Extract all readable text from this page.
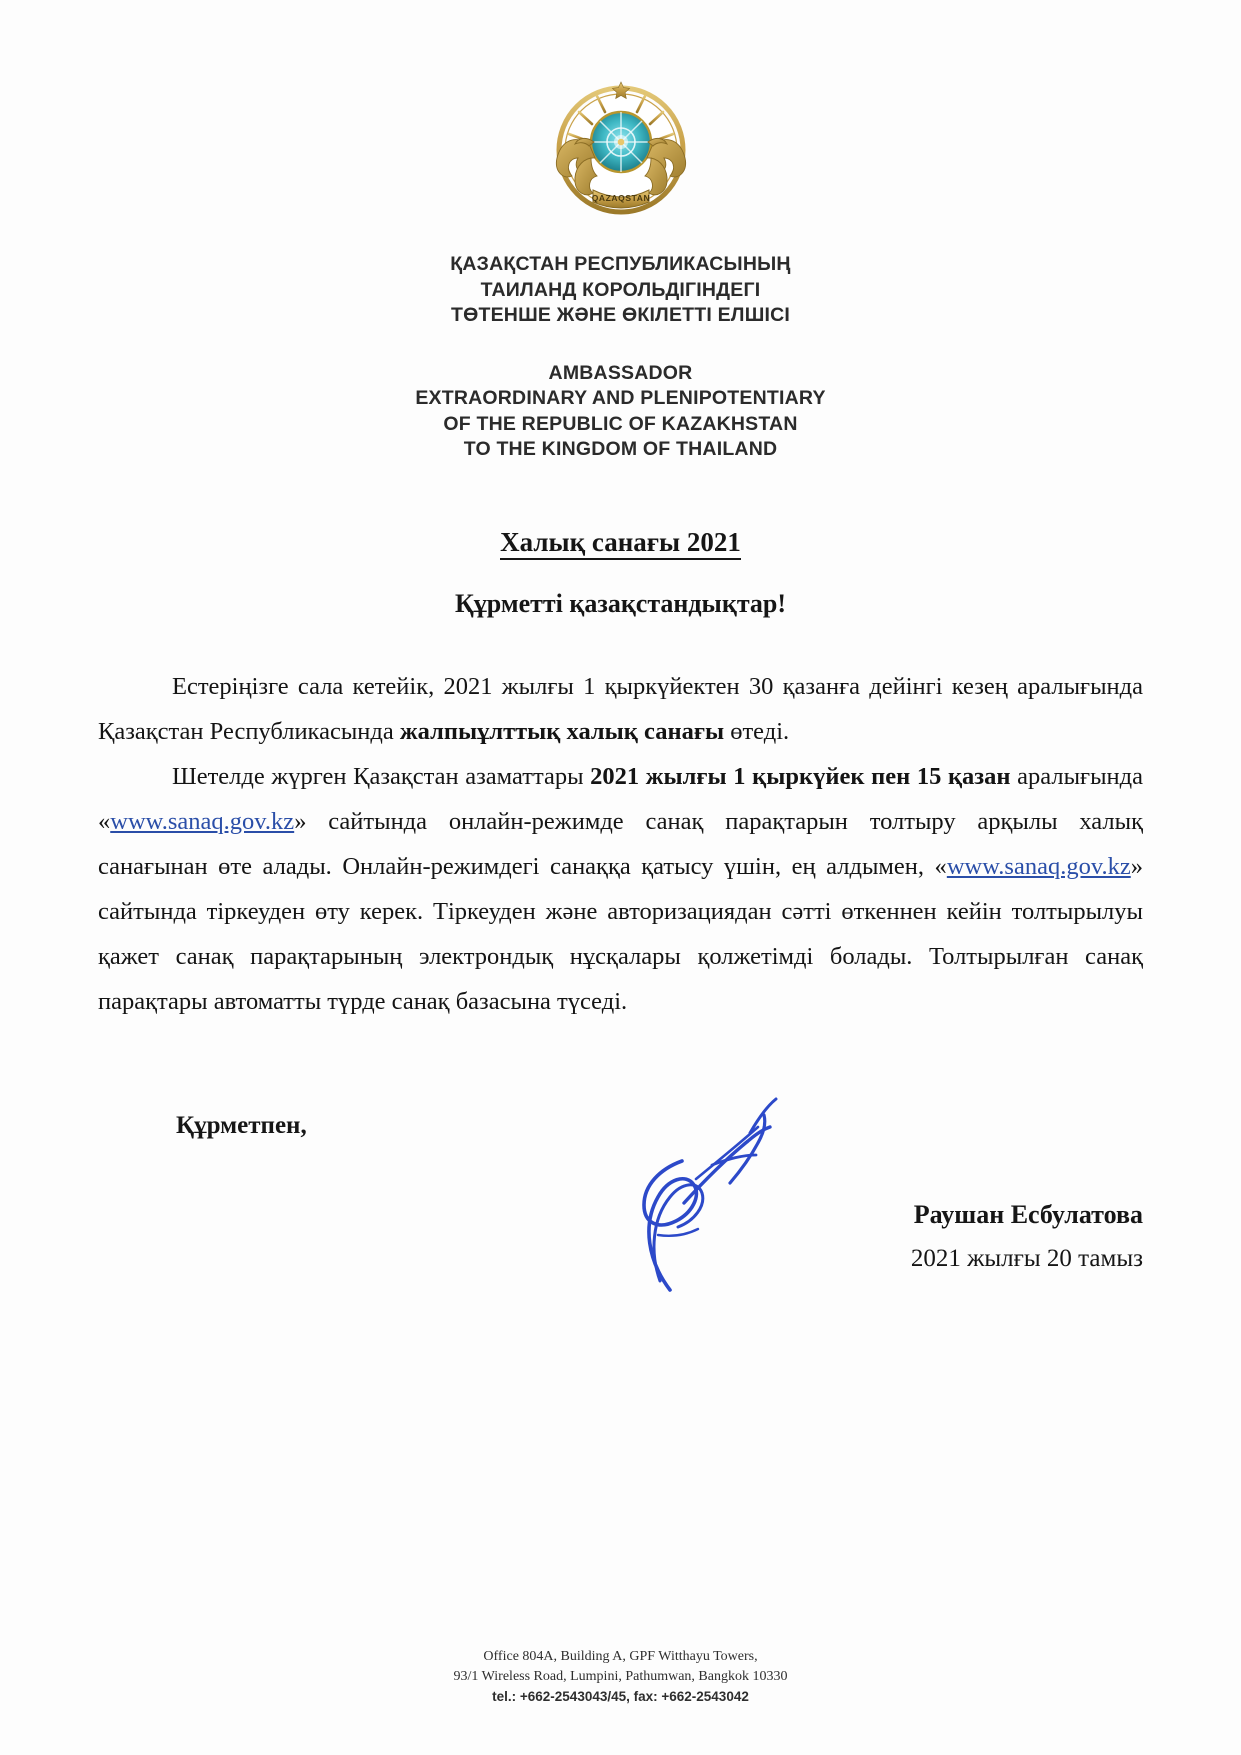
QAZAQSTAN
ҚАЗАҚСТАН РЕСПУБЛИКАСЫНЫҢ
ТАИЛАНД КОРОЛЬДІГІНДЕГІ
ТӨТЕНШЕ ЖӘНЕ ӨКІЛЕТТІ ЕЛШІСІ
AMBASSADOR
EXTRAORDINARY AND PLENIPOTENTIARY
OF THE REPUBLIC OF KAZAKHSTAN
TO THE KINGDOM OF THAILAND
Халық санағы 2021
Құрметті қазақстандықтар!

Естеріңізге сала кетейік, 2021 жылғы 1 қыркүйектен 30 қазанға дейінгі кезең аралығында Қазақстан Республикасында жалпыұлттық халық санағы өтеді.

Шетелде жүрген Қазақстан азаматтары 2021 жылғы 1 қыркүйек пен 15 қазан аралығында «www.sanaq.gov.kz» сайтында онлайн-режимде санақ парақтарын толтыру арқылы халық санағынан өте алады. Онлайн-режимдегі санаққа қатысу үшін, ең алдымен, «www.sanaq.gov.kz» сайтында тіркеуден өту керек. Тіркеуден және авторизациядан сәтті өткеннен кейін толтырылуы қажет санақ парақтарының электрондық нұсқалары қолжетімді болады. Толтырылған санақ парақтары автоматты түрде санақ базасына түседі.

Құрметпен,
Раушан Есбулатова
2021 жылғы 20 тамыз
Office 804A, Building A, GPF Witthayu Towers,
93/1 Wireless Road, Lumpini, Pathumwan, Bangkok 10330
tel.: +662-2543043/45, fax: +662-2543042
